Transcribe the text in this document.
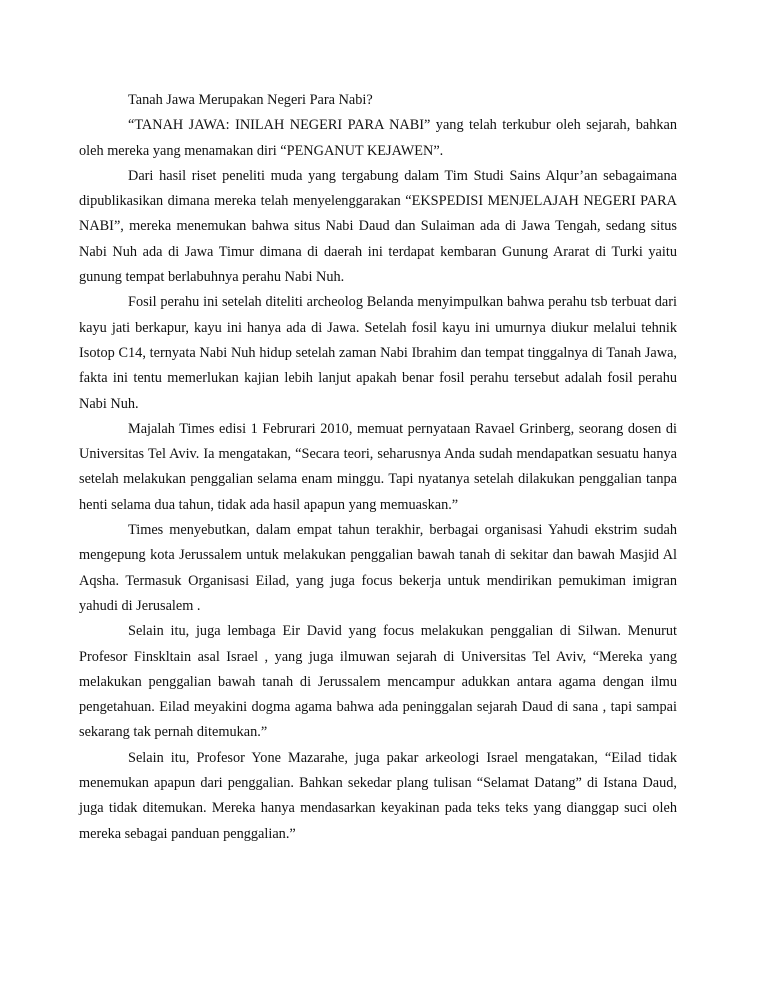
Tanah Jawa Merupakan Negeri Para Nabi?

“TANAH JAWA: INILAH NEGERI PARA NABI” yang telah terkubur oleh sejarah, bahkan oleh mereka yang menamakan diri “PENGANUT KEJAWEN”.

Dari hasil riset peneliti muda yang tergabung dalam Tim Studi Sains Alqur’an sebagaimana dipublikasikan dimana mereka telah menyelenggarakan “EKSPEDISI MENJELAJAH NEGERI PARA NABI”, mereka menemukan bahwa situs Nabi Daud dan Sulaiman ada di Jawa Tengah, sedang situs Nabi Nuh ada di Jawa Timur dimana di daerah ini terdapat kembaran Gunung Ararat di Turki yaitu gunung tempat berlabuhnya perahu Nabi Nuh.

Fosil perahu ini setelah diteliti archeolog Belanda menyimpulkan bahwa perahu tsb terbuat dari kayu jati berkapur, kayu ini hanya ada di Jawa. Setelah fosil kayu ini umurnya diukur melalui tehnik Isotop C14, ternyata Nabi Nuh hidup setelah zaman Nabi Ibrahim dan tempat tinggalnya di Tanah Jawa, fakta ini tentu memerlukan kajian lebih lanjut apakah benar fosil perahu tersebut adalah fosil perahu Nabi Nuh.

Majalah Times edisi 1 Februrari 2010, memuat pernyataan Ravael Grinberg, seorang dosen di Universitas Tel Aviv. Ia mengatakan, “Secara teori, seharusnya Anda sudah mendapatkan sesuatu hanya setelah melakukan penggalian selama enam minggu. Tapi nyatanya setelah dilakukan penggalian tanpa henti selama dua tahun, tidak ada hasil apapun yang memuaskan.”

Times menyebutkan, dalam empat tahun terakhir, berbagai organisasi Yahudi ekstrim sudah mengepung kota Jerussalem untuk melakukan penggalian bawah tanah di sekitar dan bawah Masjid Al Aqsha. Termasuk Organisasi Eilad, yang juga focus bekerja untuk mendirikan pemukiman imigran yahudi di Jerusalem .

Selain itu, juga lembaga Eir David yang focus melakukan penggalian di Silwan. Menurut Profesor Finskltain asal Israel , yang juga ilmuwan sejarah di Universitas Tel Aviv, “Mereka yang melakukan penggalian bawah tanah di Jerussalem mencampur adukkan antara agama dengan ilmu pengetahuan. Eilad meyakini dogma agama bahwa ada peninggalan sejarah Daud di sana , tapi sampai sekarang tak pernah ditemukan.”

Selain itu, Profesor Yone Mazarahe, juga pakar arkeologi Israel mengatakan, “Eilad tidak menemukan apapun dari penggalian. Bahkan sekedar plang tulisan “Selamat Datang” di Istana Daud, juga tidak ditemukan. Mereka hanya mendasarkan keyakinan pada teks teks yang dianggap suci oleh mereka sebagai panduan penggalian.”
